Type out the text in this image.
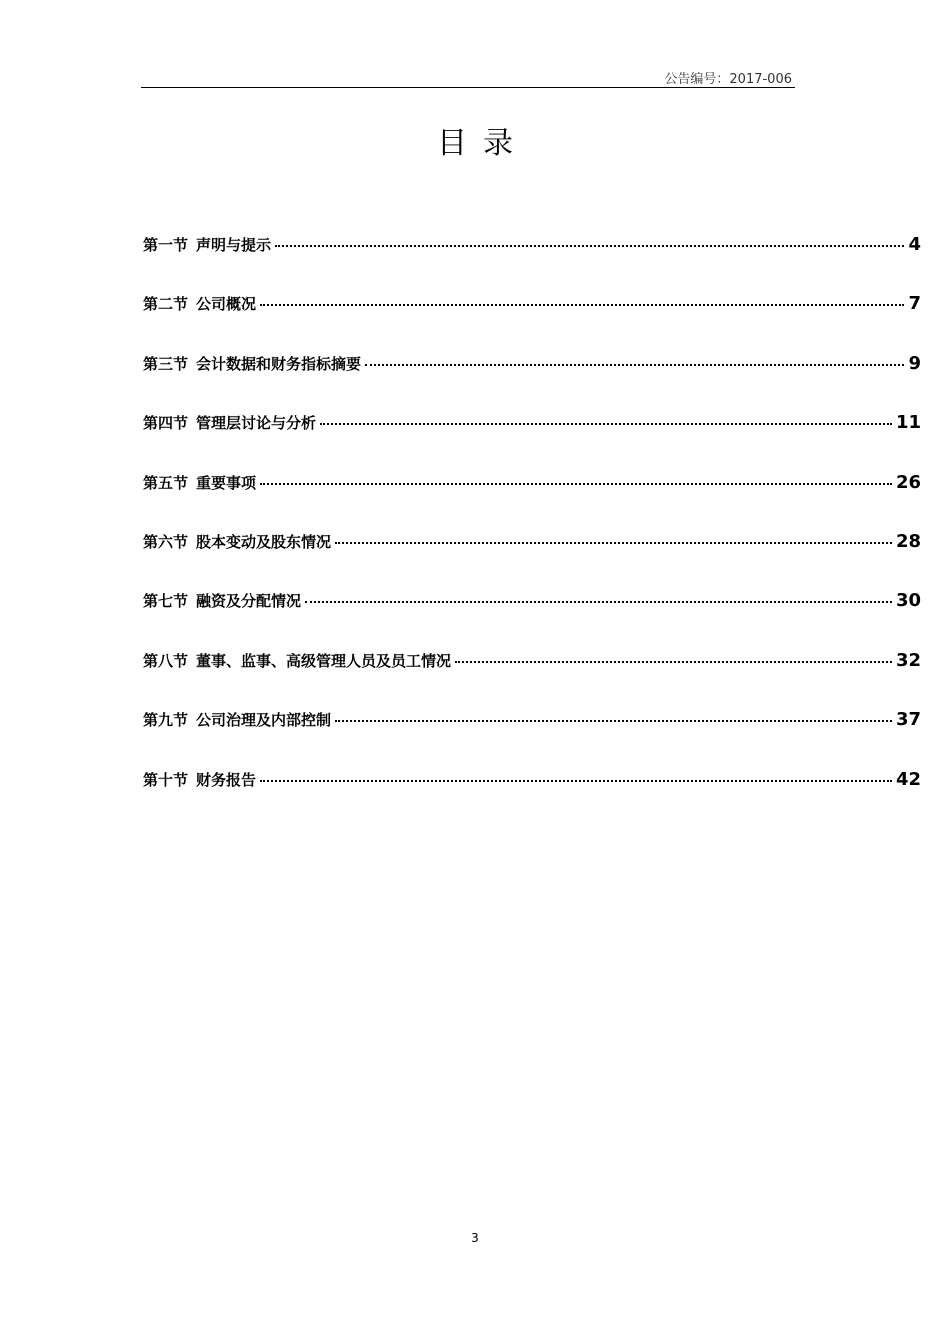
公告编号：2017-006
目录
第一节 声明与提示	4
第二节 公司概况	7
第三节 会计数据和财务指标摘要	9
第四节 管理层讨论与分析	11
第五节 重要事项	26
第六节 股本变动及股东情况	28
第七节 融资及分配情况	30
第八节 董事、监事、高级管理人员及员工情况	32
第九节 公司治理及内部控制	37
第十节 财务报告	42
3
